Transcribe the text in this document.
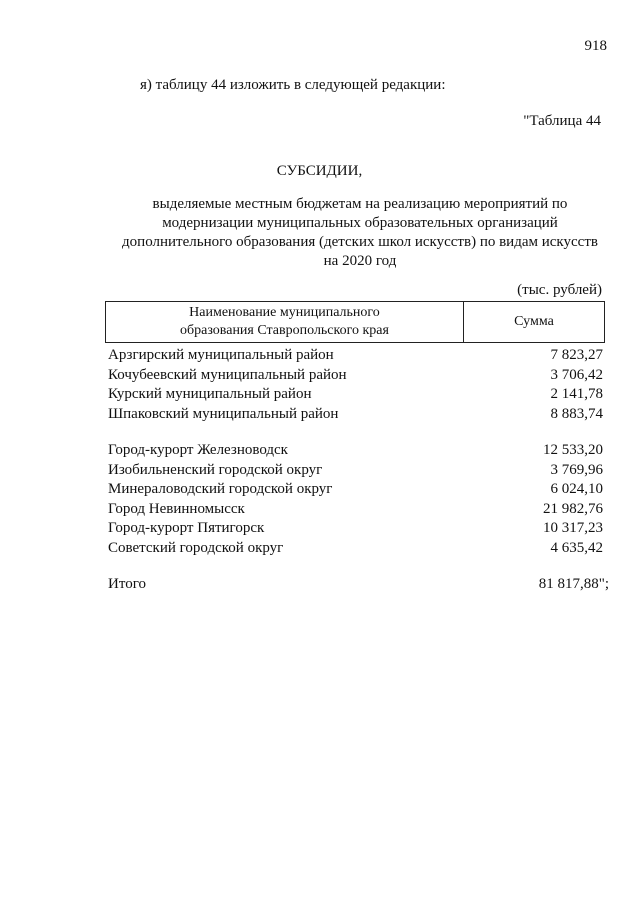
918
я) таблицу 44 изложить в следующей редакции:
"Таблица 44
СУБСИДИИ,
выделяемые местным бюджетам на реализацию мероприятий по
модернизации муниципальных образовательных организаций
дополнительного образования (детских школ искусств) по видам искусств
на 2020 год
(тыс. рублей)
Наименование муниципального
образования Ставропольского края
Сумма
Арзгирский муниципальный район	7 823,27
Кочубеевский муниципальный район	3 706,42
Курский муниципальный район	2 141,78
Шпаковский муниципальный район	8 883,74
Город-курорт Железноводск	12 533,20
Изобильненский городской округ	3 769,96
Минераловодский городской округ	6 024,10
Город Невинномысск	21 982,76
Город-курорт Пятигорск	10 317,23
Советский городской округ	4 635,42
Итого	81 817,88";
